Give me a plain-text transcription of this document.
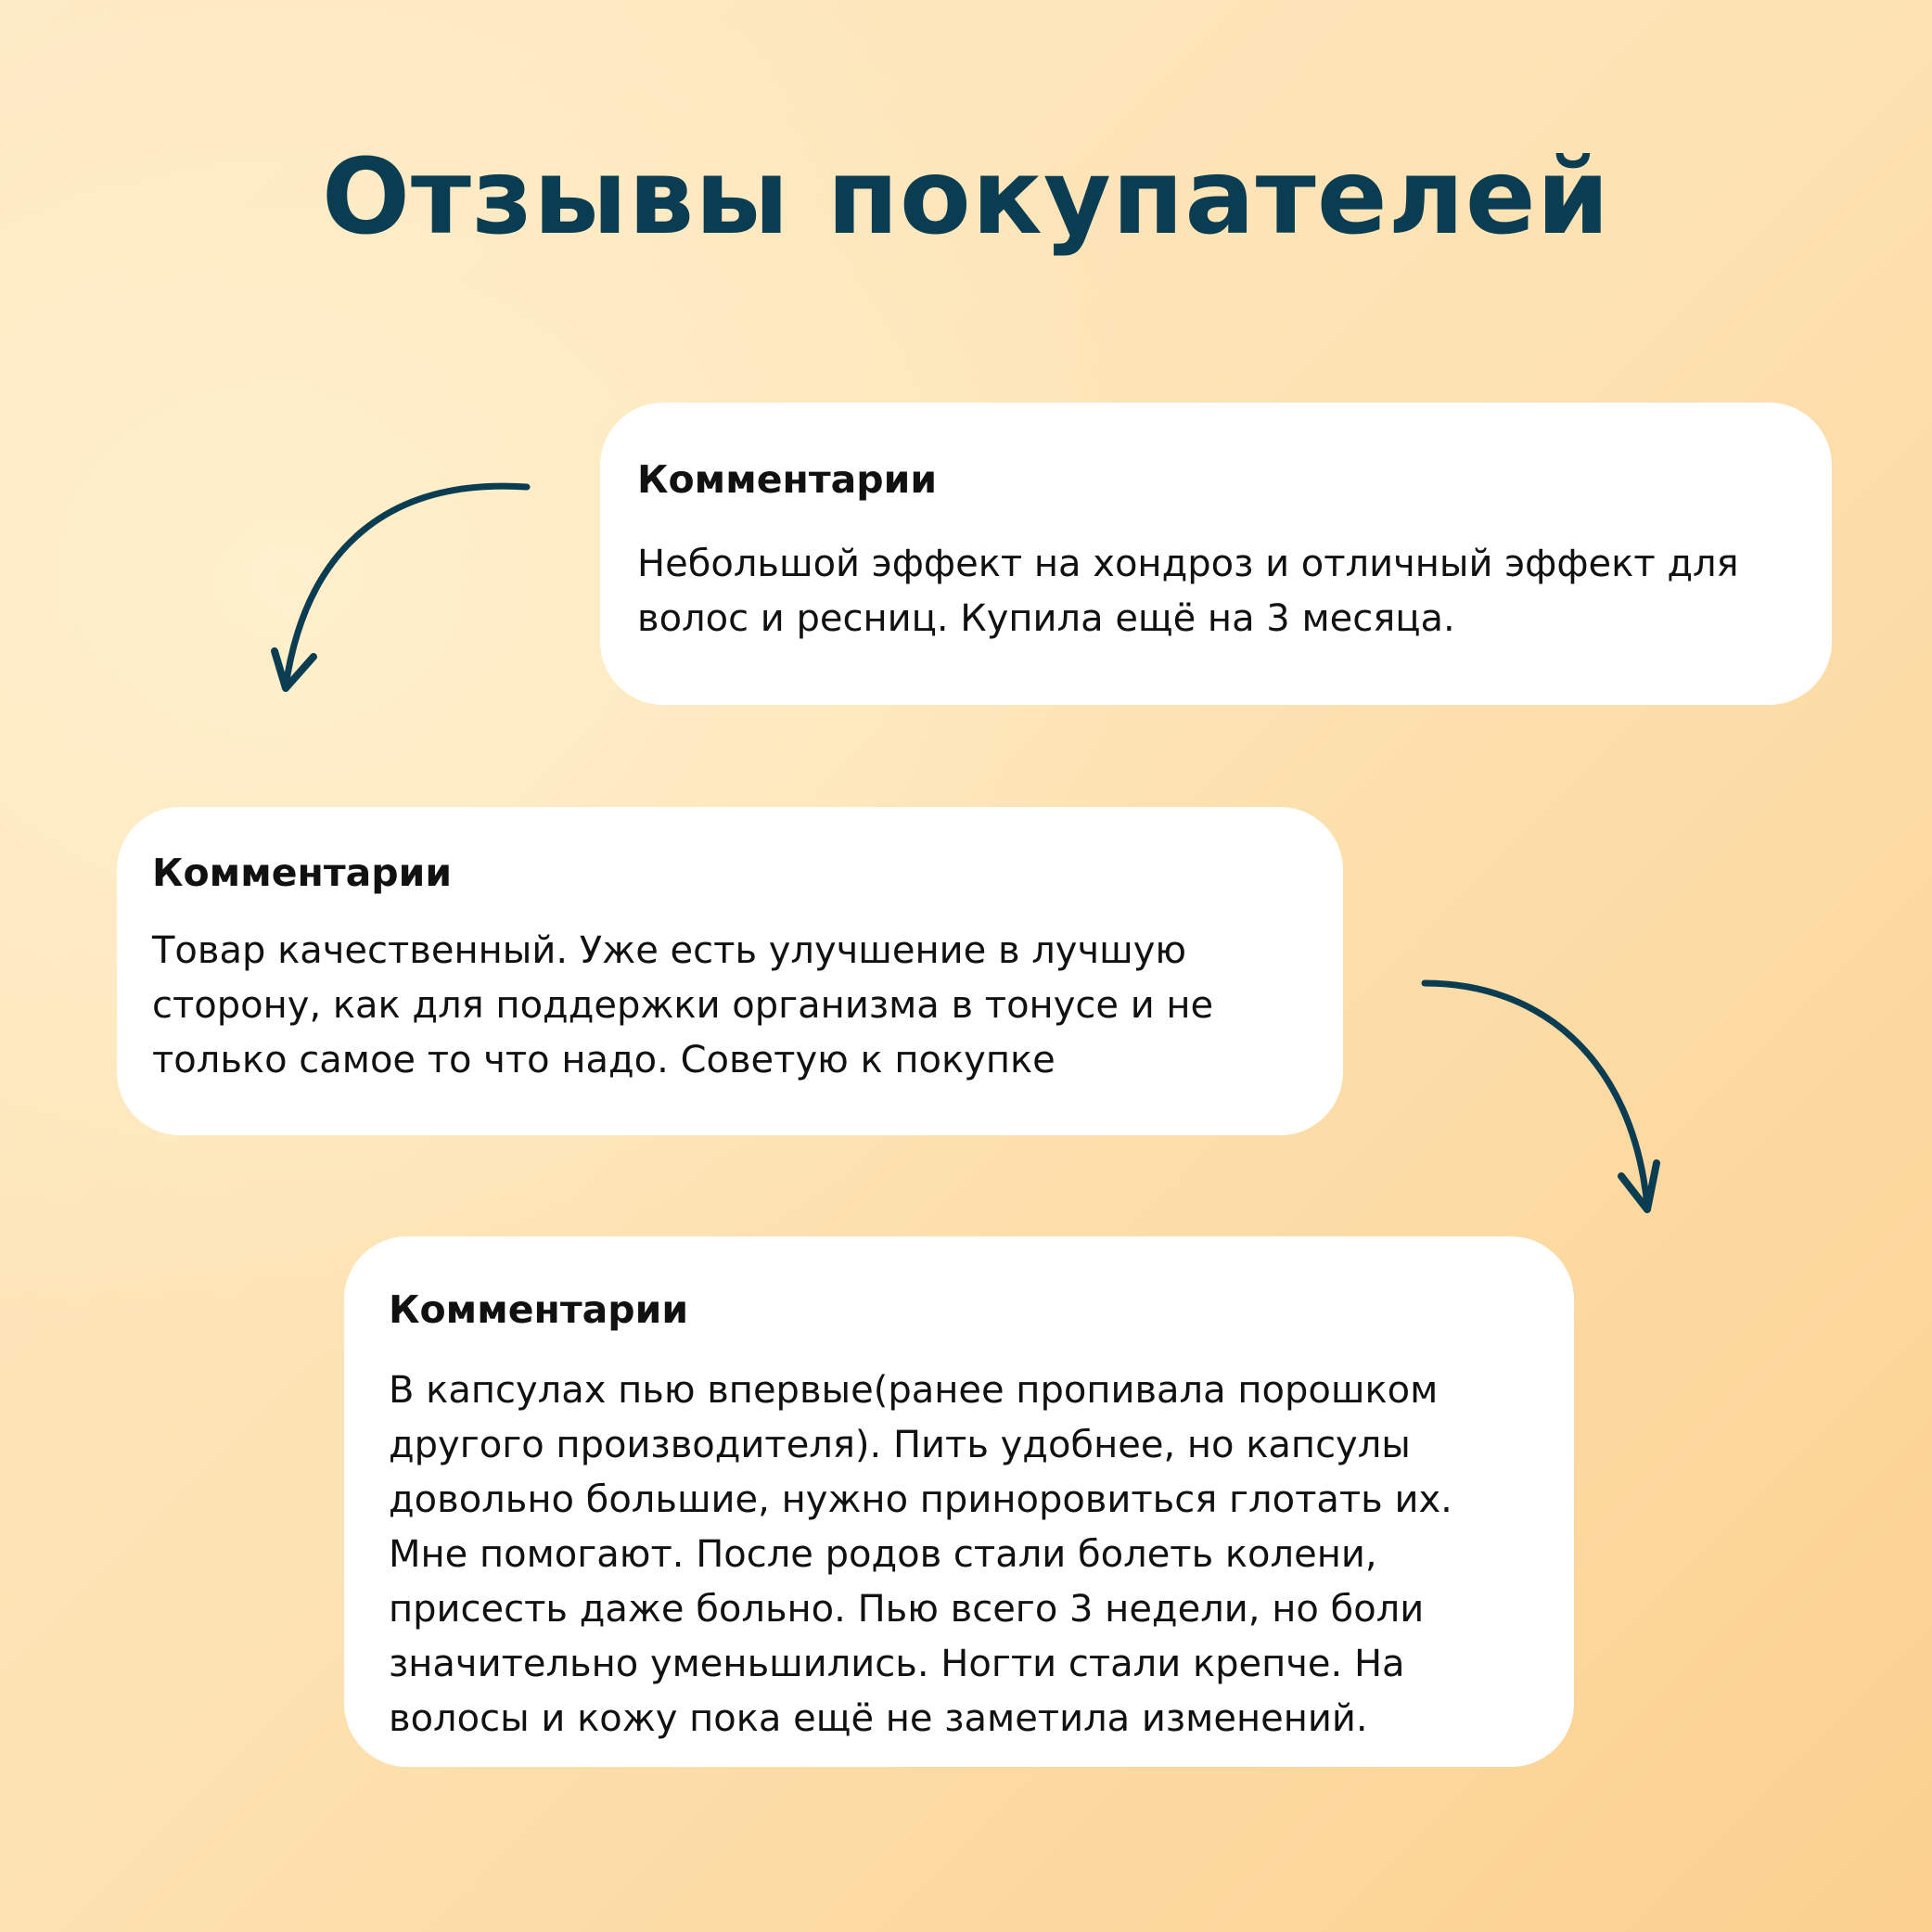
Отзывы покупателей

Комментарии

Небольшой эффект на хондроз и отличный эффект для волос и ресниц. Купила ещё на 3 месяца.

Комментарии

Товар качественный. Уже есть улучшение в лучшую сторону, как для поддержки организма в тонусе и не только самое то что надо. Советую к покупке

Комментарии

В капсулах пью впервые(ранее пропивала порошком другого производителя). Пить удобнее, но капсулы довольно большие, нужно приноровиться глотать их. Мне помогают. После родов стали болеть колени, присесть даже больно. Пью всего 3 недели, но боли значительно уменьшились. Ногти стали крепче. На волосы и кожу пока ещё не заметила изменений.
